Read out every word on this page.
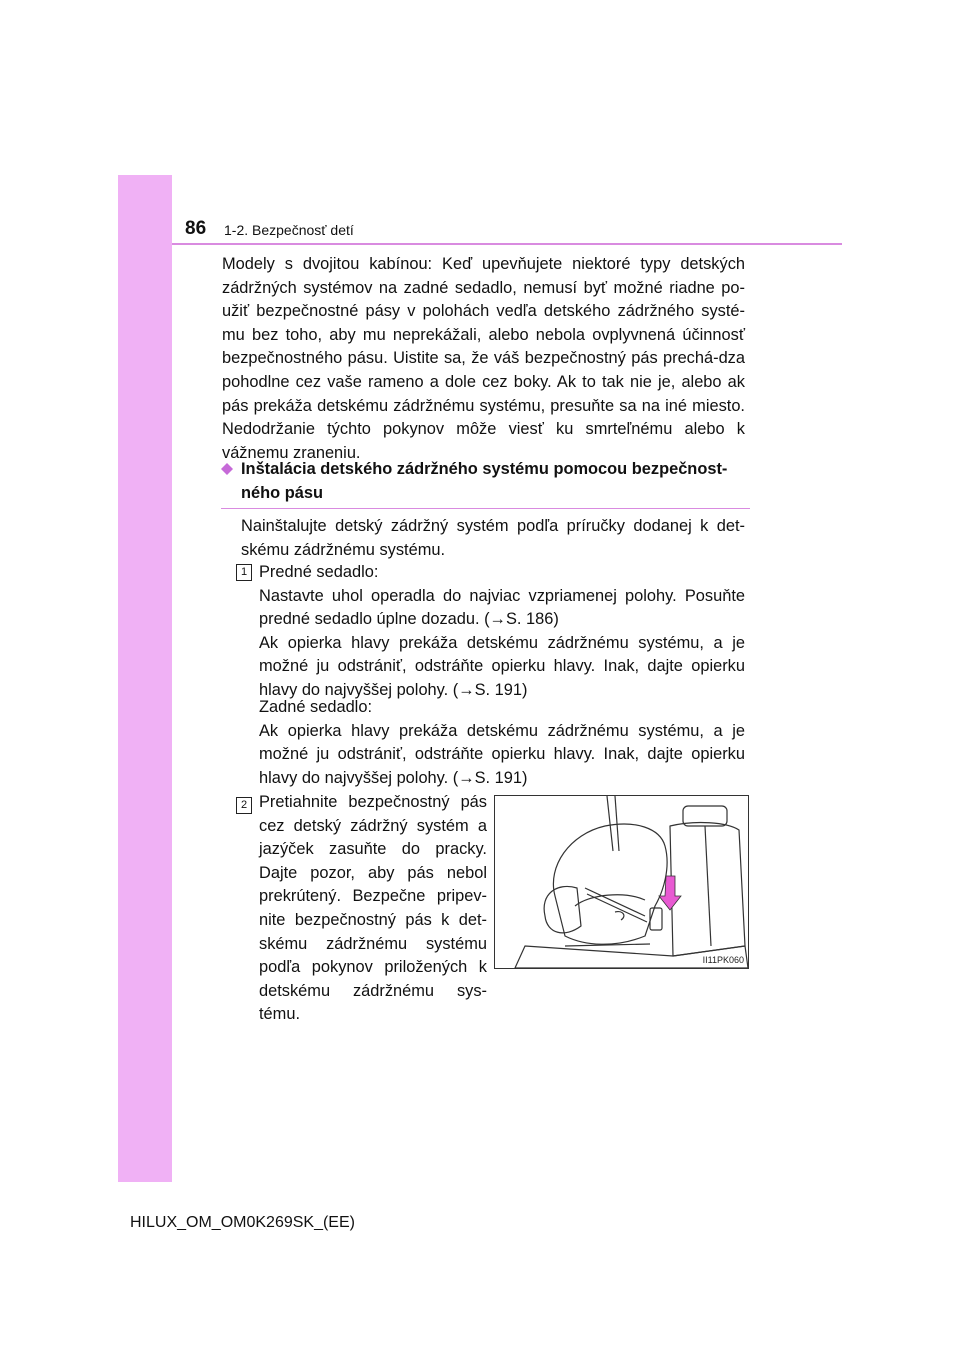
86 1-2. Bezpečnosť detí

Modely s dvojitou kabínou: Keď upevňujete niektoré typy detských zádržných systémov na zadné sedadlo, nemusí byť možné riadne po-užiť bezpečnostné pásy v polohách vedľa detského zádržného systé-mu bez toho, aby mu neprekážali, alebo nebola ovplyvnená účinnosť bezpečnostného pásu. Uistite sa, že váš bezpečnostný pás prechá-dza pohodlne cez vaše rameno a dole cez boky. Ak to tak nie je, alebo ak pás prekáža detskému zádržnému systému, presuňte sa na iné miesto. Nedodržanie týchto pokynov môže viesť ku smrteľnému alebo k vážnemu zraneniu.

Inštalácia detského zádržného systému pomocou bezpečnost-
ného pásu

Nainštalujte detský zádržný systém podľa príručky dodanej k det-skému zádržnému systému.

1 Predné sedadlo:
Nastavte uhol operadla do najviac vzpriamenej polohy. Posuňte predné sedadlo úplne dozadu. (→S. 186)
Ak opierka hlavy prekáža detskému zádržnému systému, a je možné ju odstrániť, odstráňte opierku hlavy. Inak, dajte opierku hlavy do najvyššej polohy. (→S. 191)
Zadné sedadlo:
Ak opierka hlavy prekáža detskému zádržnému systému, a je možné ju odstrániť, odstráňte opierku hlavy. Inak, dajte opierku hlavy do najvyššej polohy. (→S. 191)
2 Pretiahnite bezpečnostný pás cez detský zádržný systém a jazýček zasuňte do pracky. Dajte pozor, aby pás nebol prekrútený. Bezpečne pripev-nite bezpečnostný pás k det-skému zádržnému systému podľa pokynov priložených k detskému zádržnému sys-tému.

II11PK060
HILUX_OM_OM0K269SK_(EE)
